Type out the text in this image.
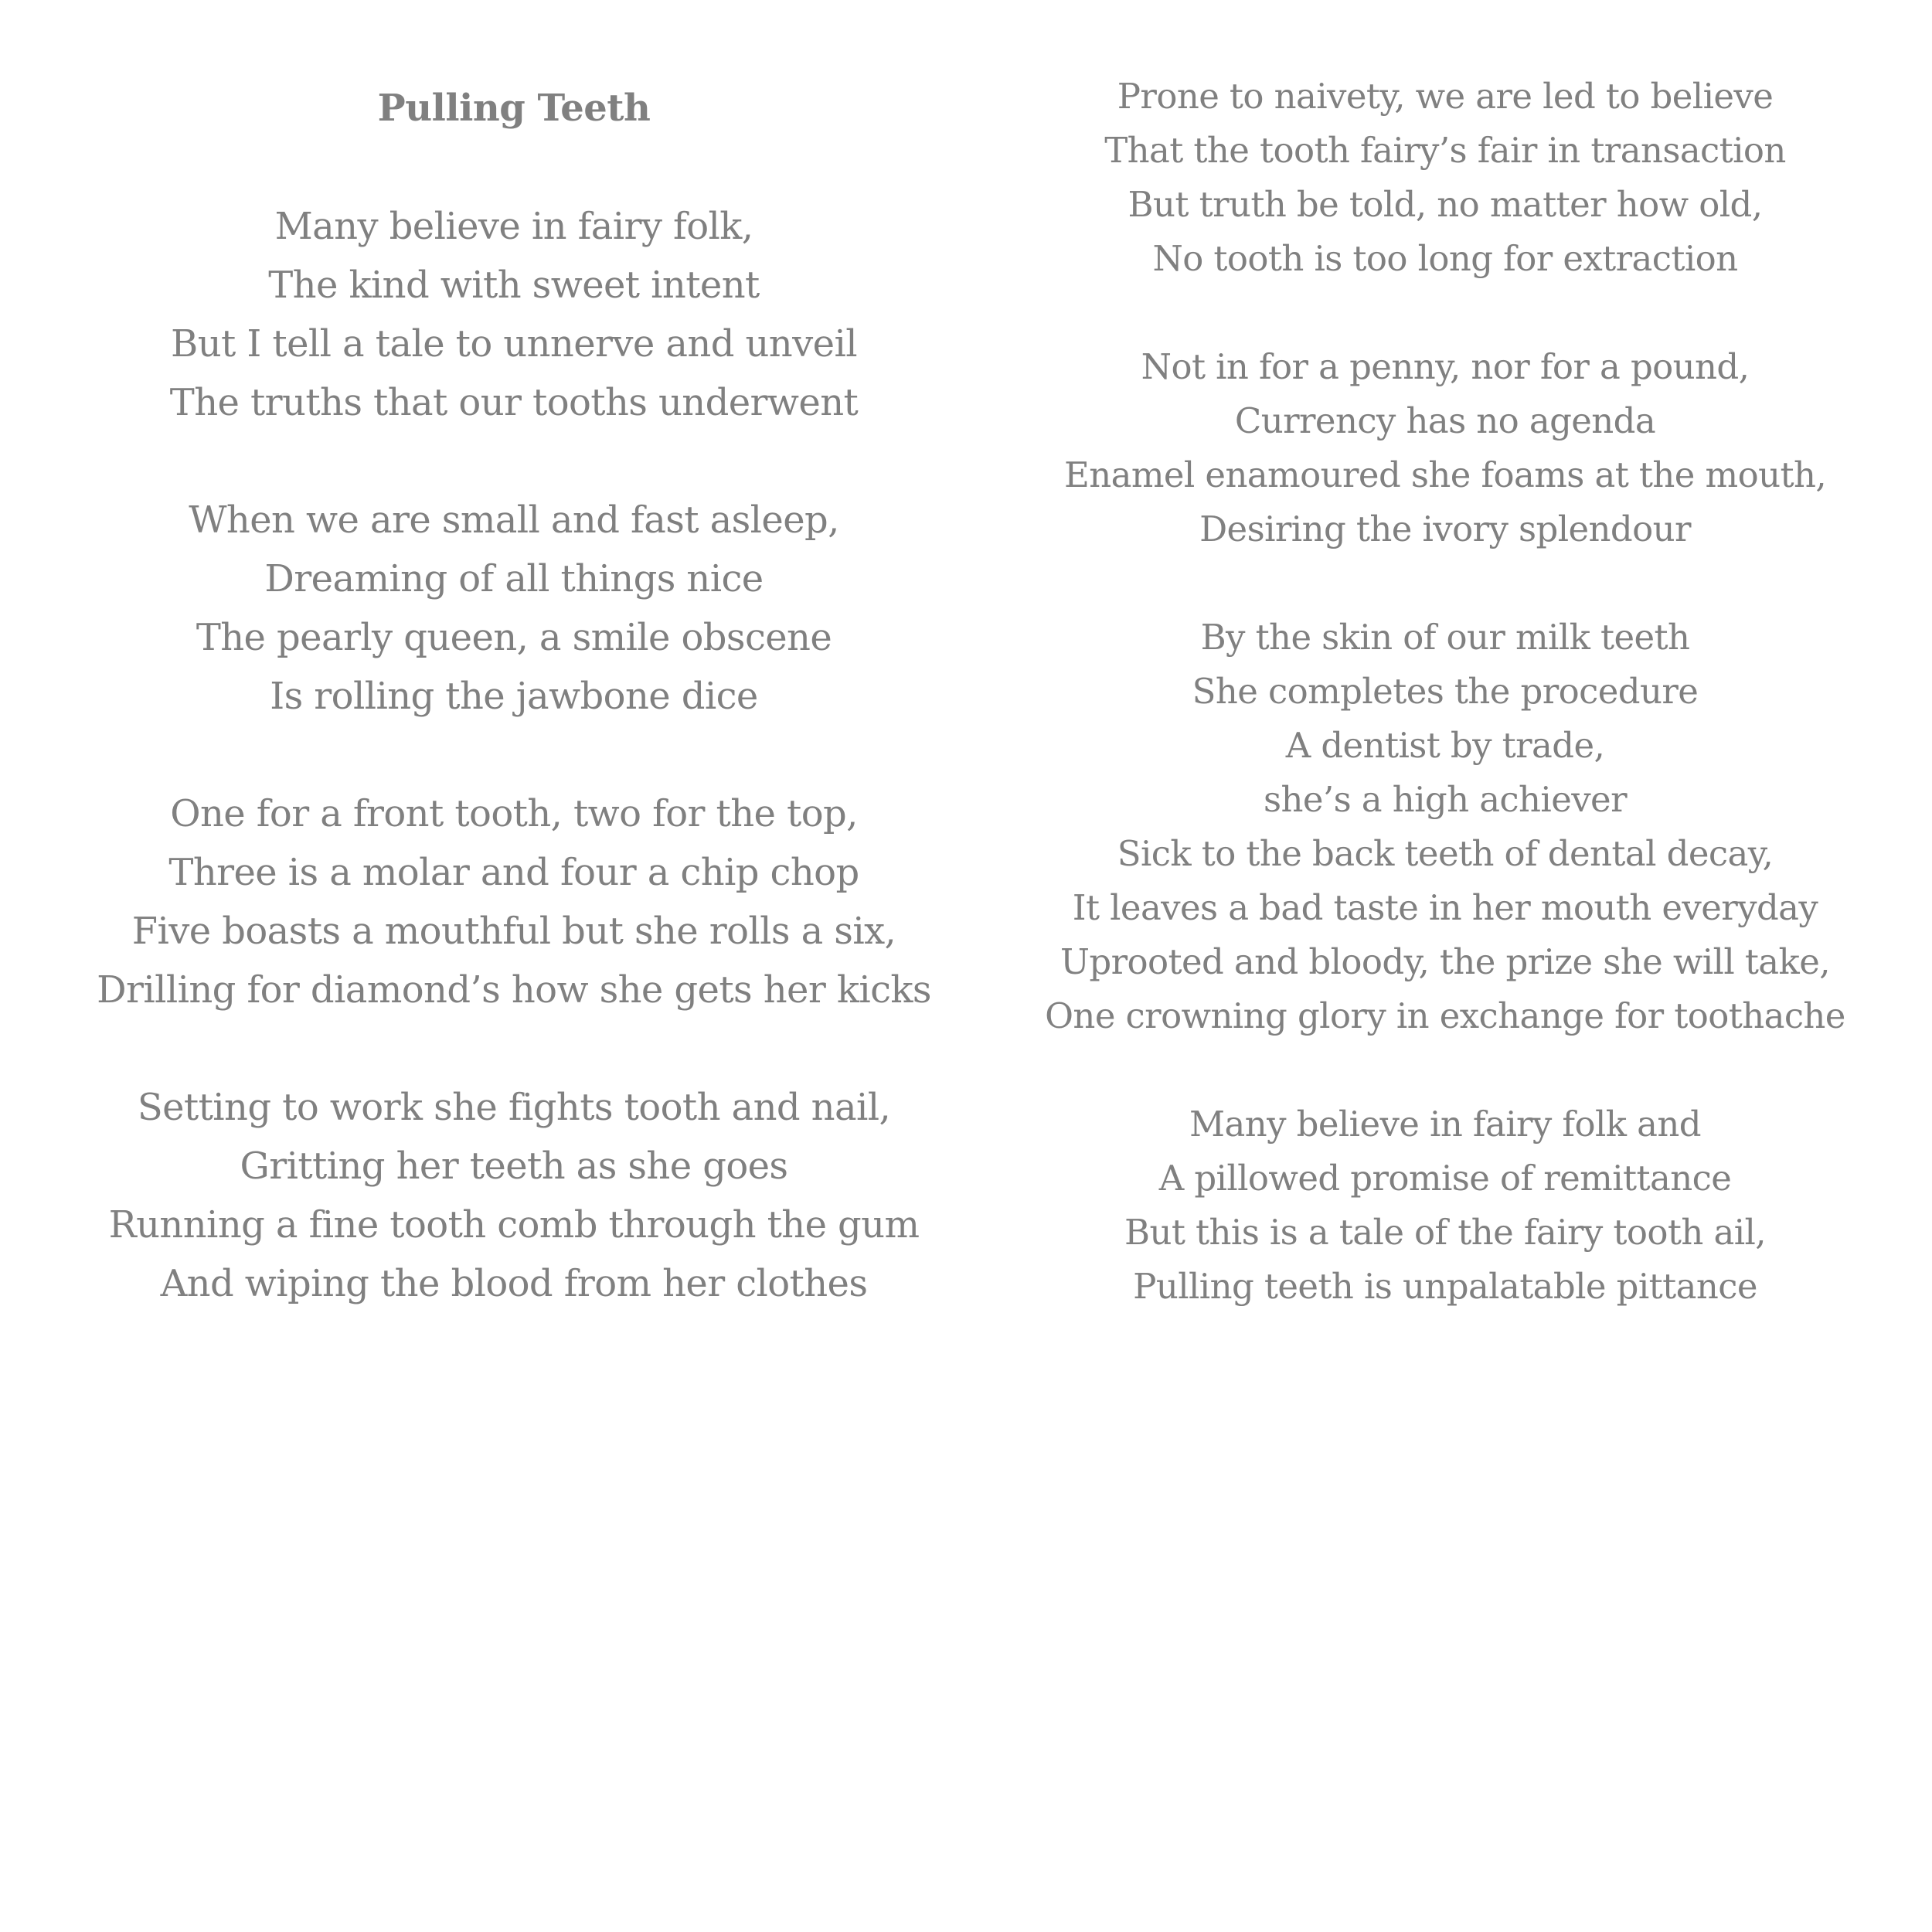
Pulling Teeth
Many believe in fairy folk,
The kind with sweet intent
But I tell a tale to unnerve and unveil
The truths that our tooths underwent
When we are small and fast asleep,
Dreaming of all things nice
The pearly queen, a smile obscene
Is rolling the jawbone dice
One for a front tooth, two for the top,
Three is a molar and four a chip chop
Five boasts a mouthful but she rolls a six,
Drilling for diamond’s how she gets her kicks
Setting to work she fights tooth and nail,
Gritting her teeth as she goes
Running a fine tooth comb through the gum
And wiping the blood from her clothes
Prone to naivety, we are led to believe
That the tooth fairy’s fair in transaction
But truth be told, no matter how old,
No tooth is too long for extraction
Not in for a penny, nor for a pound,
Currency has no agenda
Enamel enamoured she foams at the mouth,
Desiring the ivory splendour
By the skin of our milk teeth
She completes the procedure
A dentist by trade,
she’s a high achiever
Sick to the back teeth of dental decay,
It leaves a bad taste in her mouth everyday
Uprooted and bloody, the prize she will take,
One crowning glory in exchange for toothache
Many believe in fairy folk and
A pillowed promise of remittance
But this is a tale of the fairy tooth ail,
Pulling teeth is unpalatable pittance
